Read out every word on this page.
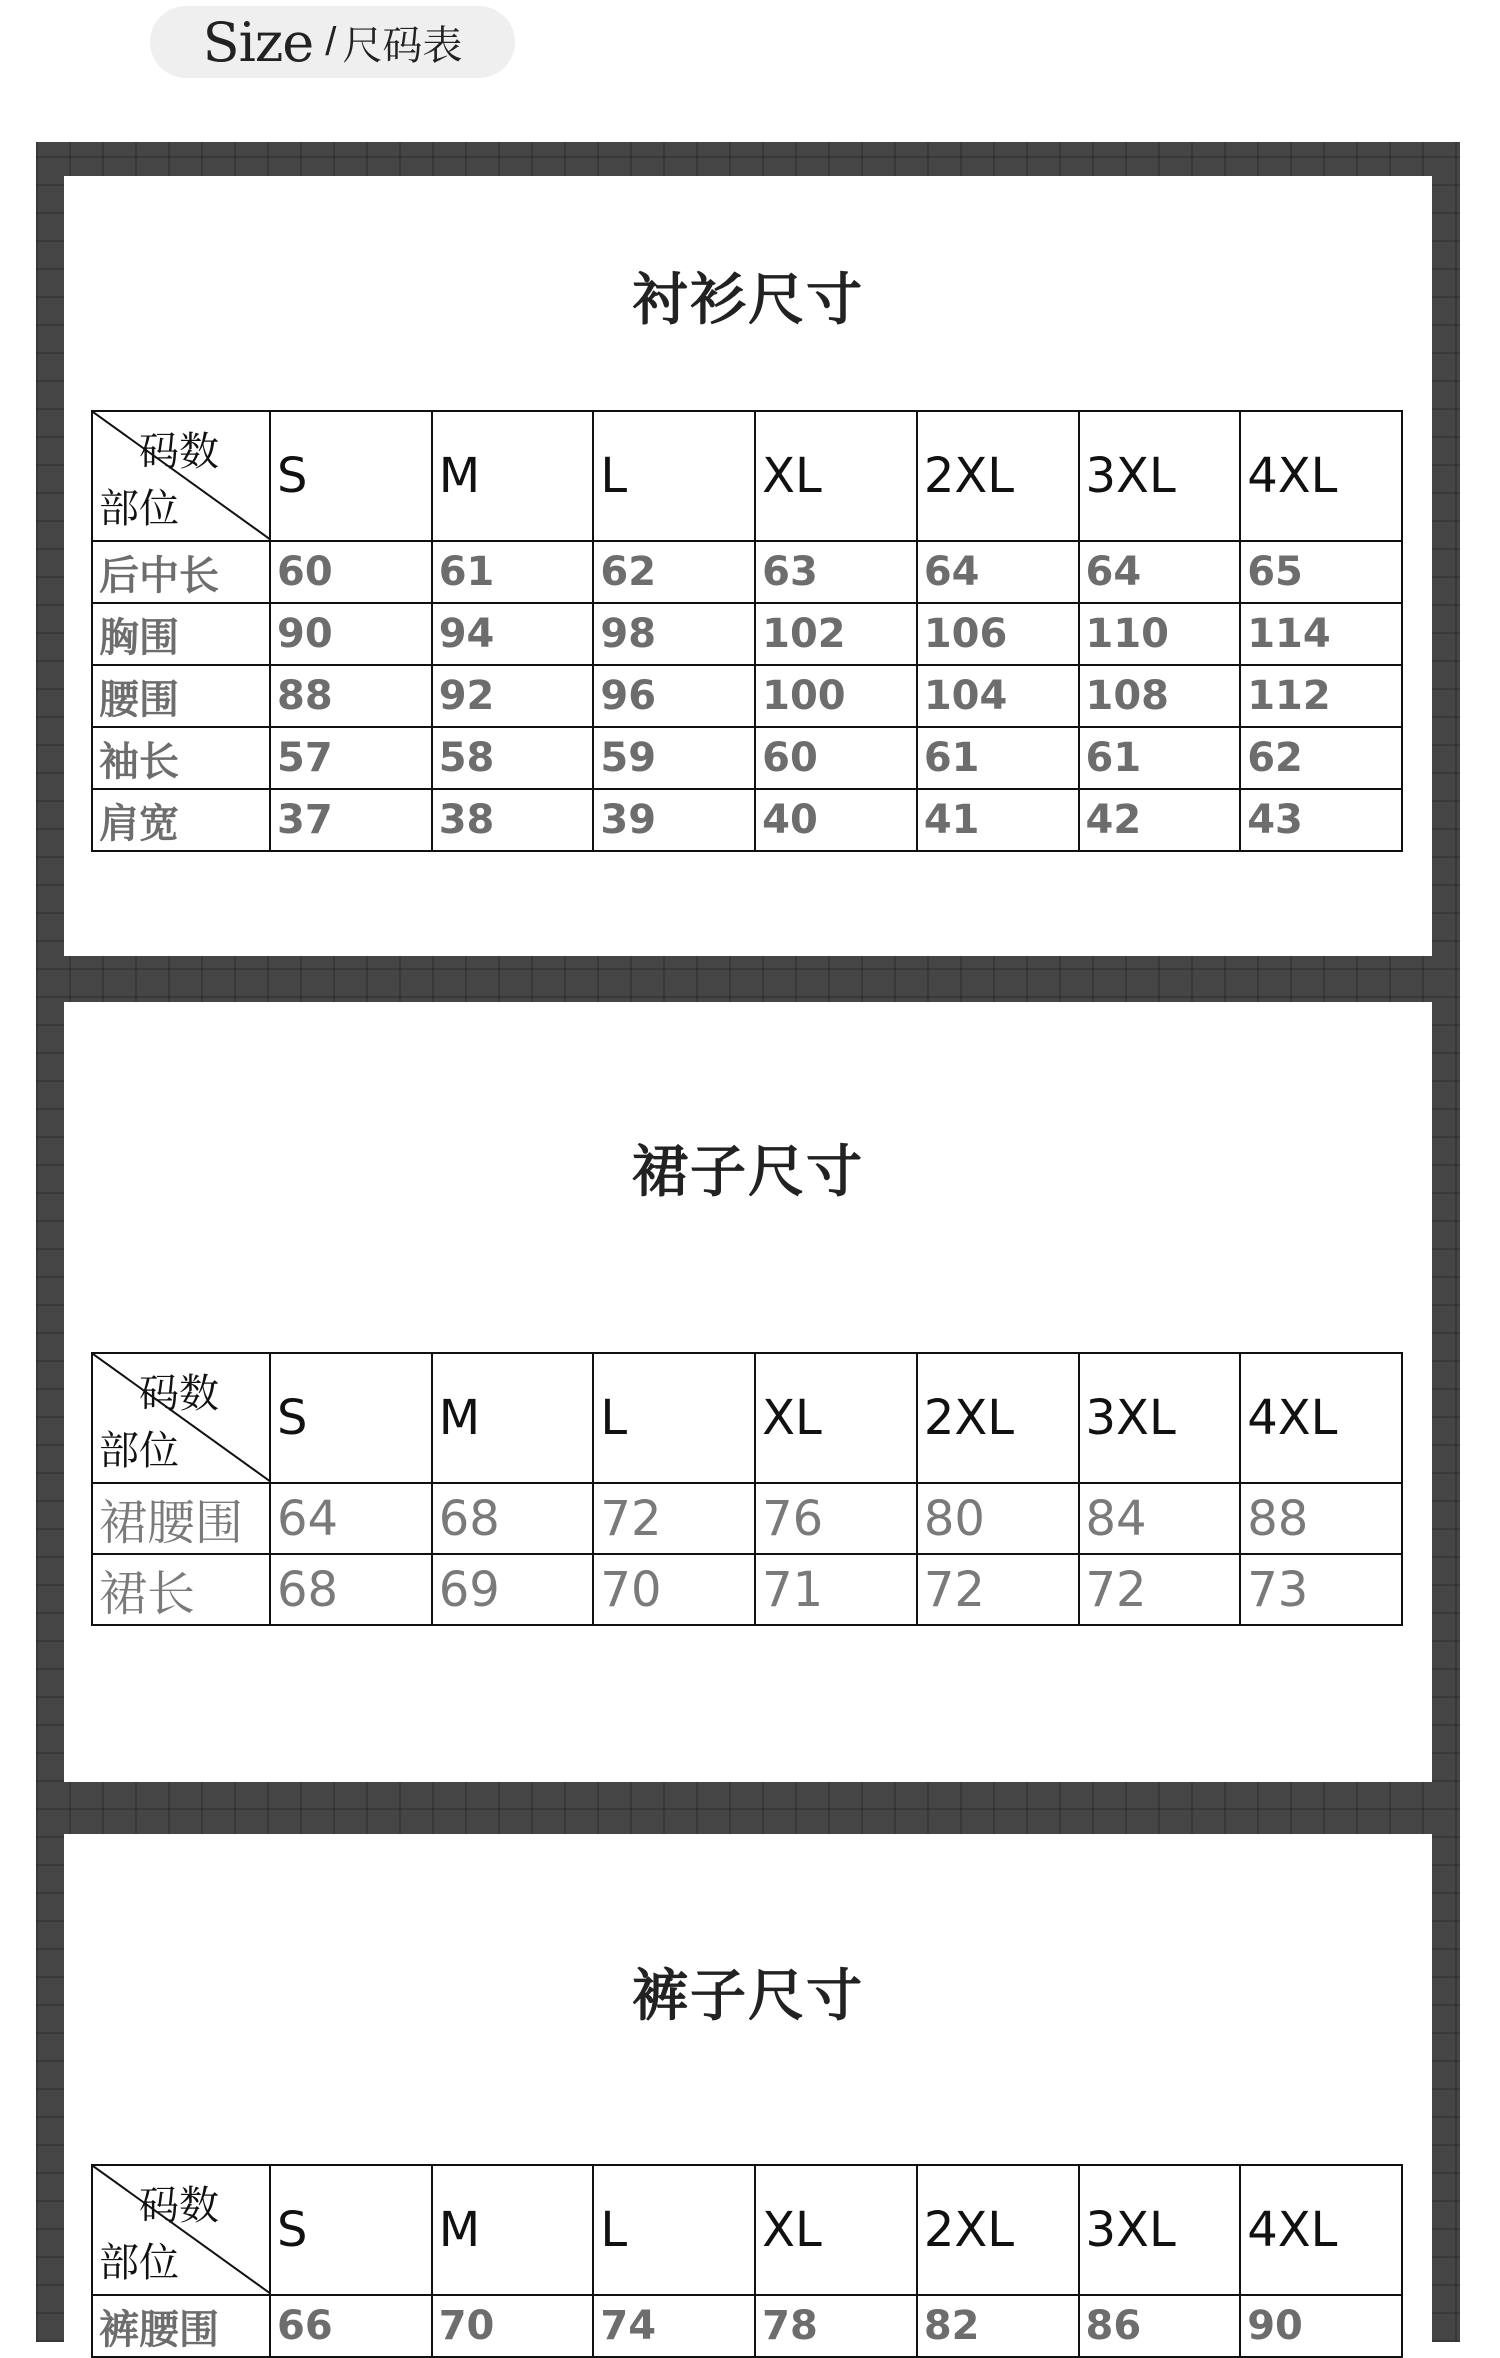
Size / 尺码表
衬衫尺寸
码数
部位	S	M	L	XL	2XL	3XL	4XL
后中长	60	61	62	63	64	64	65
胸围	90	94	98	102	106	110	114
腰围	88	92	96	100	104	108	112
袖长	57	58	59	60	61	61	62
肩宽	37	38	39	40	41	42	43
裙子尺寸
码数
部位	S	M	L	XL	2XL	3XL	4XL
裙腰围	64	68	72	76	80	84	88
裙长	68	69	70	71	72	72	73
裤子尺寸
码数
部位	S	M	L	XL	2XL	3XL	4XL
裤腰围	66	70	74	78	82	86	90
